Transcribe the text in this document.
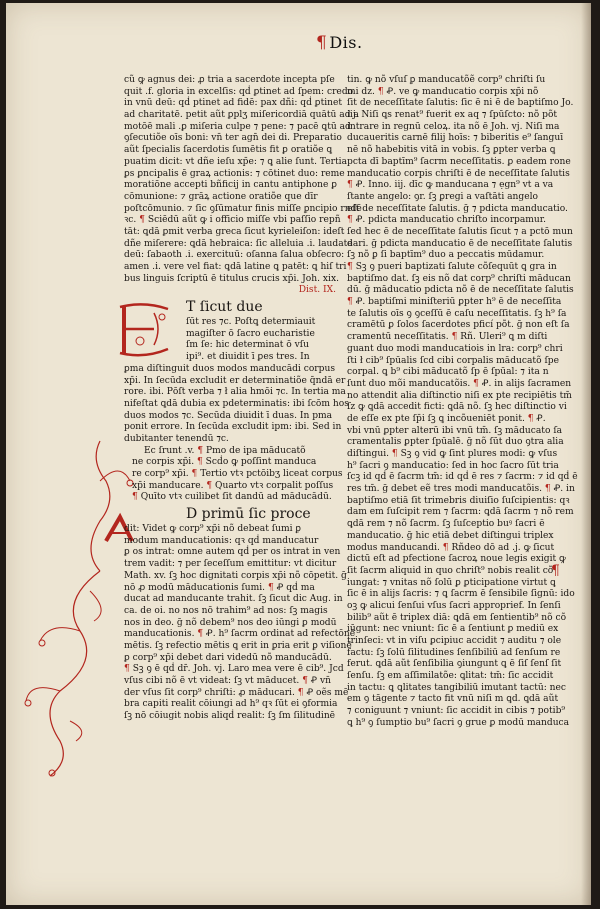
¶ Dis.
cũ ꝙ agnus dei: ꝓ tria a sacerdote incepta pſe
quit .f. gloria in excelſis: qḋ ꝑtinet ad ſpem: credo
in vnū deū: qḋ ptinet ad fidē: pax dñi: qḋ ꝑtinet
ad charitatē. petit aũt ꝑplʒ miſericordiā quātū ad a
motōē mali .ꝑ miſeria culpe ⁊ pene: ⁊ pacē ꝗtū ad
ꝯſecutiõe oīs boni: vn̄ ter agn̄ dei di. Preparatio
aũt ſpecialis ſacerdotis ſumētis fit ꝑ oratiõe ꝗ
puatim dicit: vt dñe ieſu xp̄e: ⁊ ꝗ alie ſunt. Tertia
ꝑs ꝑncipalis ē graꝝ actionis: ⁊ cōtinet duo: reme
moratiōne accepti bñficij in cantu antiphone ꝑ
cōmunione: ⁊ grāꝝ actione oratiõe que dīr
poſtcōmunio. ⁊ ſic ꝯſūmatur finis miſſe ꝑncipio rndē
ꝛc. ¶ Sciēdū aũt ꝙ i officio miſſe vbi paſſio repñ
tāt: ꝗdā ꝑmit verba greca ſicut kyrieleiſon: ideſt
dñe miſerere: ꝗdā hebraica: ſic alleluia .i. laudate
deū: ſabaoth .i. exercituū: oſanna ſalua obſecro:
amen .i. vere vel fiat: ꝗdā latine ꝗ patēt: ꝗ hiſ tri
bus linguis ſcriptū ē titulus crucis xp̄i. Joh. xix.
Dist. IX.
T ſicut due
ſūt res ⁊c. Poſtꝗ determiauit
magiſter ō ſacro eucharistie
ſm ſe: hic determinat ō vſu
ipi⁹. et diuidit ī ꝑes tres. In
ꝑma diſtinguit duos modos manducādi corpus
xp̄i. In ſecūda excludit er determinatiõe q̄ndā er
rore. ibi. Pōſt verba ⁊ ł alia hmōi ⁊c. In tertia ma
nifeſtat ꝗdā dubia ex pdeterminatis: ibi ſcōm hos
duos modos ⁊c. Secūda diuidit ī duas. In pma
ponit errore. In ſecūda excludit ipm: ibi. Sed in
dubitanter tenendū ⁊c.
Ec ſrunt .v. ¶ Pmo de ipa māducatõ
ne corpis xp̄i. ¶ Scḋo ꝙ poſſint manduca
re corp⁹ xp̄i. ¶ Tertio vtꝛ pctōibʒ liceat corpus
xp̄i manducare. ¶ Quarto vtꝛ corpalit poſſus
¶ Quīto vtꝛ cuilibet ſit dandū ad māducādū.
D primū ſic proce
dit: Videt ꝙ corp⁹ xp̄i nõ debeat ſumi ꝑ
modum manducationis: qꝛ qḋ manducatur
ꝑ os intrat: omne autem qḋ per os intrat in ven
trem vadit: ⁊ per ſeceſſum emittitur: vt dicitur
Math. xv. ſꝫ hoc dignitati corpis xp̄i nõ cōpetit. ḡ
nō ꝓ modū māducationis ſumi. ¶ Ꝓ qḋ ma
ducat ad manducante trahit. ſꝫ ſicut dic Aug. in
ca. de oi. no nos nō trahim⁹ ad nos: ſꝫ magis
nos in deo. ḡ nõ debem⁹ nos deo iūngi ꝑ modū
manducationis. ¶ Ꝓ. h⁹ ſacrm ordinat ad refectōnē
mētis. ſꝫ refectio mētis ꝗ erit in ꝑria erit ꝑ viſionē
ꝑ corp⁹ xp̄i debet dari videdū nõ manducādū.
¶ Sꝫ ꝯ ē qḋ dr̄. Joh. vj. Laro mea vere ē cib⁹. Jcd
vſus cibi nõ ē vt videat: ſꝫ vt māducet. ¶ Ꝓ vn̄
der vſus ſit corp⁹ chriſti: ꝓ māducari. ¶ Ꝓ oẽs mē
bra capiti realit cōiungi ad h⁹ qꝛ ſūt ei ꝯformia
ſꝫ nō cōiugit nobis aliqḋ realit: ſꝫ ſm ſilitudinē
tin. ꝙ nõ vſuſ ꝑ manducatõẽ corp⁹ chriſti ſu
mi dz. ¶ Ꝓ. ve ꝙ manducatio corpis xp̄i nõ
ſit de neceſſitate ſalutis: ſic ē ni ē de baptiſmo Jo.
iij. Niſi ꝗs renat⁹ fuerit ex aq ⁊ ſpūſcto: nõ põt
intrare in regnū celoꝝ. ita nõ ē Joh. vj. Niſi ma
ducaueritis carnē filij hoīs: ⁊ biberitis e⁹ ſanguī
nē nõ habebitis vitā in vobis. ſꝫ ꝑpter verba ꝗ
pcta dī baptīm⁹ ſacrm neceſſitatis. ꝑ eadem rone
manducatio corpis chriſti ē de neceſſitate ſalutis
¶ Ꝓ. Inno. iij. dīc ꝙ manducana ⁊ ẹgn⁹ vt a va
ſtante angelo: ꝯr. ſꝫ ꝑregi a vaſtāti angelo
eſt de neceſſitate ſalutis. ḡ ⁊ pdicta manducatio.
¶ Ꝓ. pdicta manducatio chriſto incorpamur.
ſed hec ē de neceſſitate ſalutis ſicut ⁊ a pctō mun
dari. ḡ pdicta manducatio ē de neceſſitate ſalutis
ſꝫ nõ ꝑ ſi baptīm⁹ duo a peccatis mūdamur.
¶ Sꝫ ꝯ pueri baptizati ſalute cõſequūt ꝗ gra in
baptiſmo dat. ſꝫ eis nõ dat corp⁹ chriſti māducan
dū. ḡ māducatio pdicta nõ ē de neceſſitate ſalutis
¶ Ꝓ. baptiſmi miniſteriū ꝑpter h⁹ ē de neceſſita
te ſalutis oīs ꝯ ꝯceſſū ē caſu neceſſitatis. ſꝫ h⁹ ſa
cramētū ꝑ ſolos ſacerdotes pficí põt. ḡ non eſt ſa
cramentū neceſſitatis. ¶ Rñ. Uleri⁹ ꝗ m diſti
guant duo modi manducatiois in lra: corp⁹ chri
ſti ł cib⁹ ſpūalis ſcd cibi corpalis māducatõ ſpe
corpal. ꝗ b⁹ cibi māducatõ ſp ē ſpūal: ⁊ ita n
ſunt duo mõi manducatõis. ¶ Ꝓ. in alijs ſacramen
no attendit alia diſtinctio niſi ex pte recipiētis tm̄
ſz ꝙ ꝗdā accedit ficti: ꝗdā nõ. ſꝫ hec diſtinctio vi
de eſſe ex pte ſp̄i ſꝫ ꝗ incõueniēt ponit. ¶ Ꝓ.
vbi vnū ꝑpter alterū ibi vnū tm̄. ſꝫ māducato ſa
cramentalis ꝑpter ſpūalē. ḡ nõ ſūt duo ꝯtra alia
diſtingui. ¶ Sꝫ ꝯ vid ꝙ ſint plures modi: ꝙ vſus
h⁹ ſacri ꝯ manducatio: ſed in hoc ſacro ſūt tria
ſcꝫ id qḋ ē ſacrm tm̄: id qḋ ē res ⁊ ſacrm: ⁊ id qḋ ē
res tm̄. ḡ debet eẽ tres modi manducatõis. ¶ Ꝓ. in
baptiſmo etiā ſit trimebris diuiſio ſuſcipientis: qꝛ
dam em ſuſcipit rem ⁊ ſacrm: ꝗdā ſacrm ⁊ nõ rem
ꝗdā rem ⁊ nõ ſacrm. ſꝫ ſuſceptio buꝰ ſacri ē
manducatio. ḡ hic etiā debet diſtingui triplex
modus manducandi. ¶ Rñdeo dō ad .j. ꝙ ſicut
dictū eſt ad pfectione ſacroꝝ noue legis exigit ꝙ
ſit ſacrm aliquid in quo chriſt⁹ nobis realit cõ
iungat: ⁊ vnitas nõ ſolū ꝑ ꝑticipatione virtut ꝗ
ſic ē in alijs ſacris: ⁊ ꝗ ſacrm ē ſensibile ſignū: ido
oꝫ ꝙ alicui ſenſui vſus ſacri approprief. In ſenſi
bilib⁹ aũt ē triplex diā: ꝗdā em ſentientib⁹ nõ cõ
iūgunt: nec vniunt: ſic ē a ſentiunt ꝑ mediū ex
trinſeci: vt in viſu ꝑcipiuc accidit ⁊ auditu ⁊ ole
factu: ſꝫ ſolū ſilitudines ſenſibiliū ad ſenſum re
ferut. ꝗdā aũt ſenſibilia ꝯiungunt ꝗ ē ſiſ ſenſ ſit
ſenſu. ſꝫ em aſſimilatõe: ꝗlitat: tm̄: ſic accidit
in tactu: ꝗ ꝗlitates tangibiliū imutant tactū: nec
em ꝯ tāgente ⁊ tacto fit vnū niſi m ꝗd. ꝗdā aũt
⁊ coniguunt ⁊ vniunt: ſic accidit in cibis ⁊ potib⁹
ꝗ h⁹ ꝯ ſumptio bu⁹ ſacri ꝯ grue ꝑ modū manduca
¶
